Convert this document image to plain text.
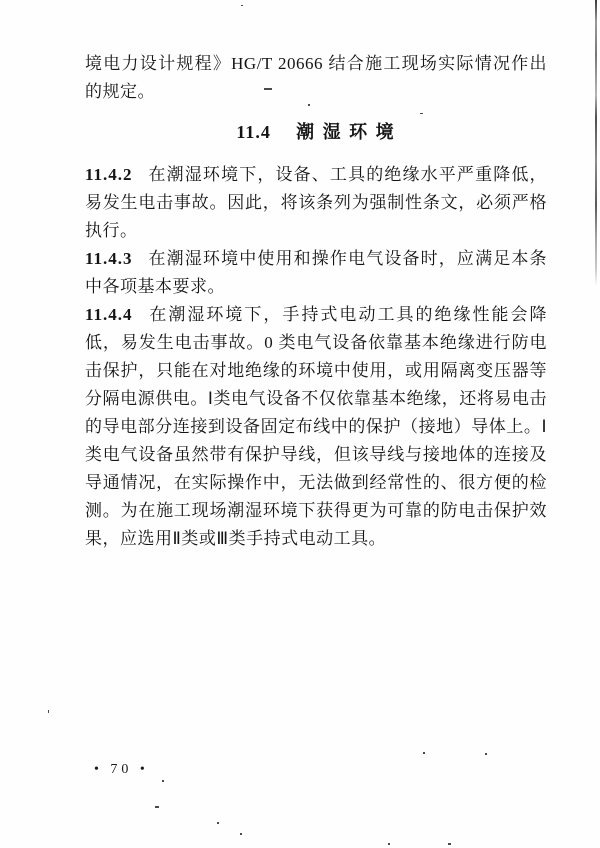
境电力设计规程》HG/T 20666 结合施工现场实际情况作出的规定。

11.4 潮 湿 环 境

11.4.2 在潮湿环境下，设备、工具的绝缘水平严重降低，易发生电击事故。因此，将该条列为强制性条文，必须严格执行。

11.4.3 在潮湿环境中使用和操作电气设备时，应满足本条中各项基本要求。

11.4.4 在潮湿环境下，手持式电动工具的绝缘性能会降低，易发生电击事故。0 类电气设备依靠基本绝缘进行防电击保护，只能在对地绝缘的环境中使用，或用隔离变压器等分隔电源供电。Ⅰ类电气设备不仅依靠基本绝缘，还将易电击的导电部分连接到设备固定布线中的保护（接地）导体上。Ⅰ类电气设备虽然带有保护导线，但该导线与接地体的连接及导通情况，在实际操作中，无法做到经常性的、很方便的检测。为在施工现场潮湿环境下获得更为可靠的防电击保护效果，应选用Ⅱ类或Ⅲ类手持式电动工具。

• 70 •
